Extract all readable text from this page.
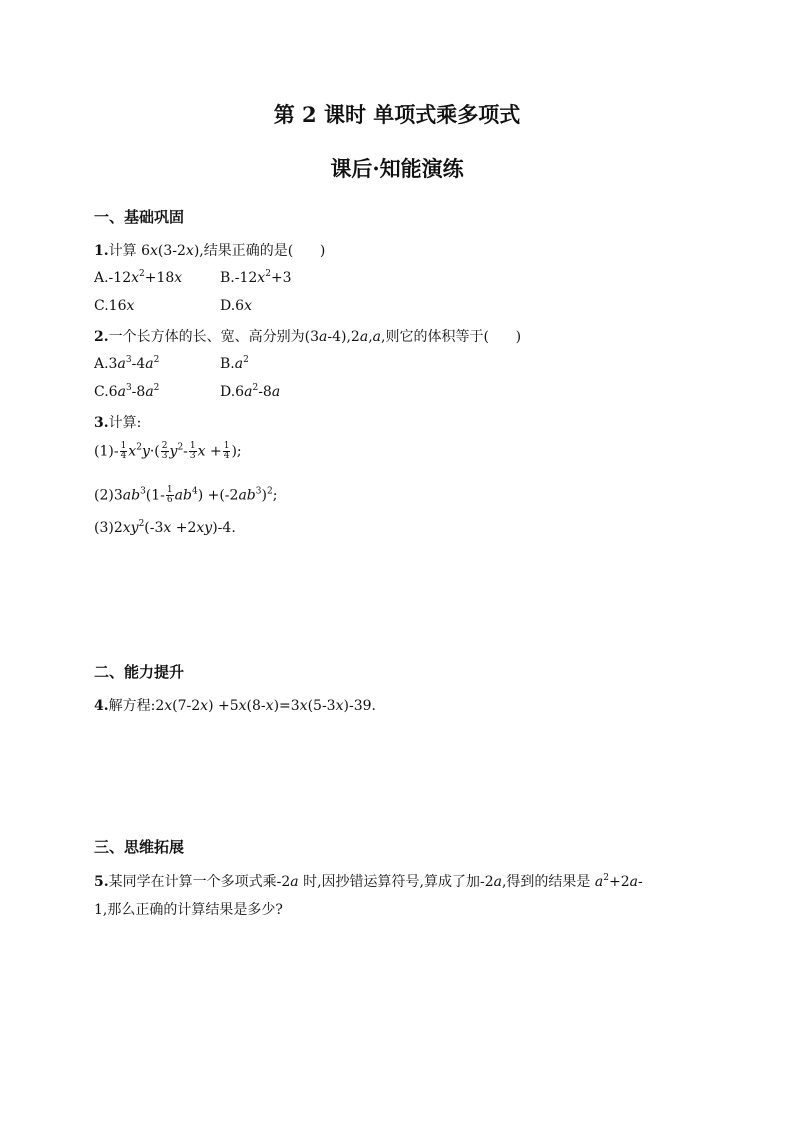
第 2 课时 单项式乘多项式
课后·知能演练
一、基础巩固
1.计算 6x(3-2x),结果正确的是(      )
$A.-12x^2+18x$	$B.-12x^2+3$
C.16x	D.6x
2.一个长方体的长、宽、高分别为(3a-4),2a,a,则它的体积等于(      )
$A.3a^3-4a^2$	$B.a^2$
$C.6a^3-8a^2$	$D.6a^2-8a$
3.计算:
$(1)- \frac{1}{4} x^2y\cdot( \frac{2}{3} y^2- \frac{1}{3}$ $x + \frac{1}{4}$ );
$(2)3ab^3(1- \frac{1}{6} ab^4) +(-2ab^3)^2$;
$(3)2xy^2(-3x +2xy)-4$.
二、能力提升
4.解方程:2x(7-2x) +5x(8-x)=3x(5-3x)-39.
三、思维拓展
5.某同学在计算一个多项式乘-2a 时,因抄错运算符号,算成了加-2a,得到的结果是 $a^2+2a-$
1,那么正确的计算结果是多少?
